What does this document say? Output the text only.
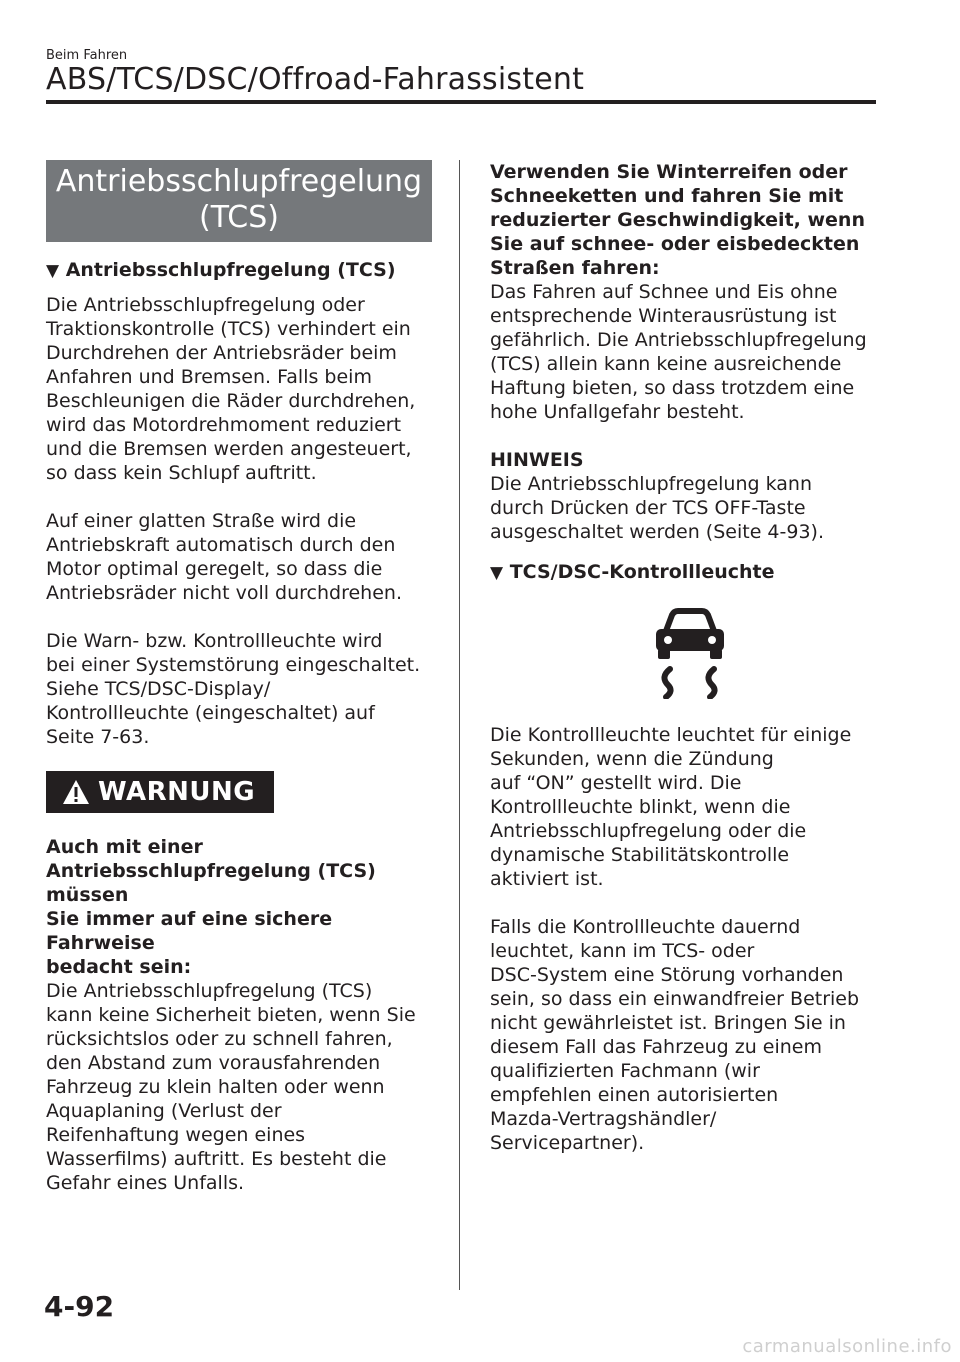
Beim Fahren
ABS/TCS/DSC/Offroad-Fahrassistent
Antriebsschlupfregelung
(TCS)
▼ Antriebsschlupfregelung (TCS)
Die Antriebsschlupfregelung oder
Traktionskontrolle (TCS) verhindert ein
Durchdrehen der Antriebsräder beim
Anfahren und Bremsen. Falls beim
Beschleunigen die Räder durchdrehen,
wird das Motordrehmoment reduziert
und die Bremsen werden angesteuert,
so dass kein Schlupf auftritt.
Auf einer glatten Straße wird die
Antriebskraft automatisch durch den
Motor optimal geregelt, so dass die
Antriebsräder nicht voll durchdrehen.
Die Warn- bzw. Kontrollleuchte wird
bei einer Systemstörung eingeschaltet.
Siehe TCS/DSC-Display/
Kontrollleuchte (eingeschaltet) auf
Seite 7-63.
WARNUNG
Auch mit einer
Antriebsschlupfregelung (TCS) müssen
Sie immer auf eine sichere Fahrweise
bedacht sein:
Die Antriebsschlupfregelung (TCS)
kann keine Sicherheit bieten, wenn Sie
rücksichtslos oder zu schnell fahren,
den Abstand zum vorausfahrenden
Fahrzeug zu klein halten oder wenn
Aquaplaning (Verlust der
Reifenhaftung wegen eines
Wasserfilms) auftritt. Es besteht die
Gefahr eines Unfalls.
Verwenden Sie Winterreifen oder
Schneeketten und fahren Sie mit
reduzierter Geschwindigkeit, wenn
Sie auf schnee- oder eisbedeckten
Straßen fahren:
Das Fahren auf Schnee und Eis ohne
entsprechende Winterausrüstung ist
gefährlich. Die Antriebsschlupfregelung
(TCS) allein kann keine ausreichende
Haftung bieten, so dass trotzdem eine
hohe Unfallgefahr besteht.
HINWEIS
Die Antriebsschlupfregelung kann
durch Drücken der TCS OFF-Taste
ausgeschaltet werden (Seite 4-93).
▼ TCS/DSC-Kontrollleuchte
Die Kontrollleuchte leuchtet für einige
Sekunden, wenn die Zündung
auf “ON” gestellt wird. Die
Kontrollleuchte blinkt, wenn die
Antriebsschlupfregelung oder die
dynamische Stabilitätskontrolle
aktiviert ist.
Falls die Kontrollleuchte dauernd
leuchtet, kann im TCS- oder
DSC-System eine Störung vorhanden
sein, so dass ein einwandfreier Betrieb
nicht gewährleistet ist. Bringen Sie in
diesem Fall das Fahrzeug zu einem
qualifizierten Fachmann (wir
empfehlen einen autorisierten
Mazda-Vertragshändler/
Servicepartner).
4-92
carmanualsonline.info
